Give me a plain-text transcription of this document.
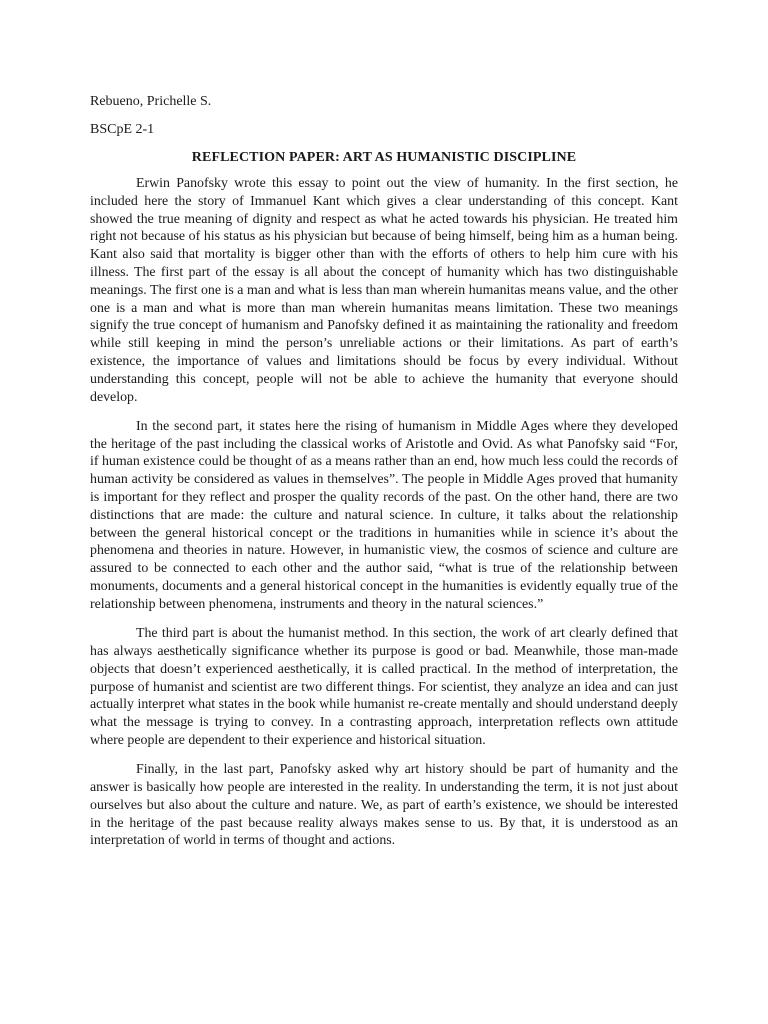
Rebueno, Prichelle S.
BSCpE 2-1
REFLECTION PAPER: ART AS HUMANISTIC DISCIPLINE

Erwin Panofsky wrote this essay to point out the view of humanity. In the first section, he included here the story of Immanuel Kant which gives a clear understanding of this concept. Kant showed the true meaning of dignity and respect as what he acted towards his physician. He treated him right not because of his status as his physician but because of being himself, being him as a human being. Kant also said that mortality is bigger other than with the efforts of others to help him cure with his illness. The first part of the essay is all about the concept of humanity which has two distinguishable meanings. The first one is a man and what is less than man wherein humanitas means value, and the other one is a man and what is more than man wherein humanitas means limitation. These two meanings signify the true concept of humanism and Panofsky defined it as maintaining the rationality and freedom while still keeping in mind the person’s unreliable actions or their limitations. As part of earth’s existence, the importance of values and limitations should be focus by every individual. Without understanding this concept, people will not be able to achieve the humanity that everyone should develop.

In the second part, it states here the rising of humanism in Middle Ages where they developed the heritage of the past including the classical works of Aristotle and Ovid. As what Panofsky said “For, if human existence could be thought of as a means rather than an end, how much less could the records of human activity be considered as values in themselves”. The people in Middle Ages proved that humanity is important for they reflect and prosper the quality records of the past. On the other hand, there are two distinctions that are made: the culture and natural science. In culture, it talks about the relationship between the general historical concept or the traditions in humanities while in science it’s about the phenomena and theories in nature. However, in humanistic view, the cosmos of science and culture are assured to be connected to each other and the author said, “what is true of the relationship between monuments, documents and a general historical concept in the humanities is evidently equally true of the relationship between phenomena, instruments and theory in the natural sciences.”

The third part is about the humanist method. In this section, the work of art clearly defined that has always aesthetically significance whether its purpose is good or bad. Meanwhile, those man-made objects that doesn’t experienced aesthetically, it is called practical. In the method of interpretation, the purpose of humanist and scientist are two different things. For scientist, they analyze an idea and can just actually interpret what states in the book while humanist re-create mentally and should understand deeply what the message is trying to convey. In a contrasting approach, interpretation reflects own attitude where people are dependent to their experience and historical situation.

Finally, in the last part, Panofsky asked why art history should be part of humanity and the answer is basically how people are interested in the reality. In understanding the term, it is not just about ourselves but also about the culture and nature. We, as part of earth’s existence, we should be interested in the heritage of the past because reality always makes sense to us. By that, it is understood as an interpretation of world in terms of thought and actions.
